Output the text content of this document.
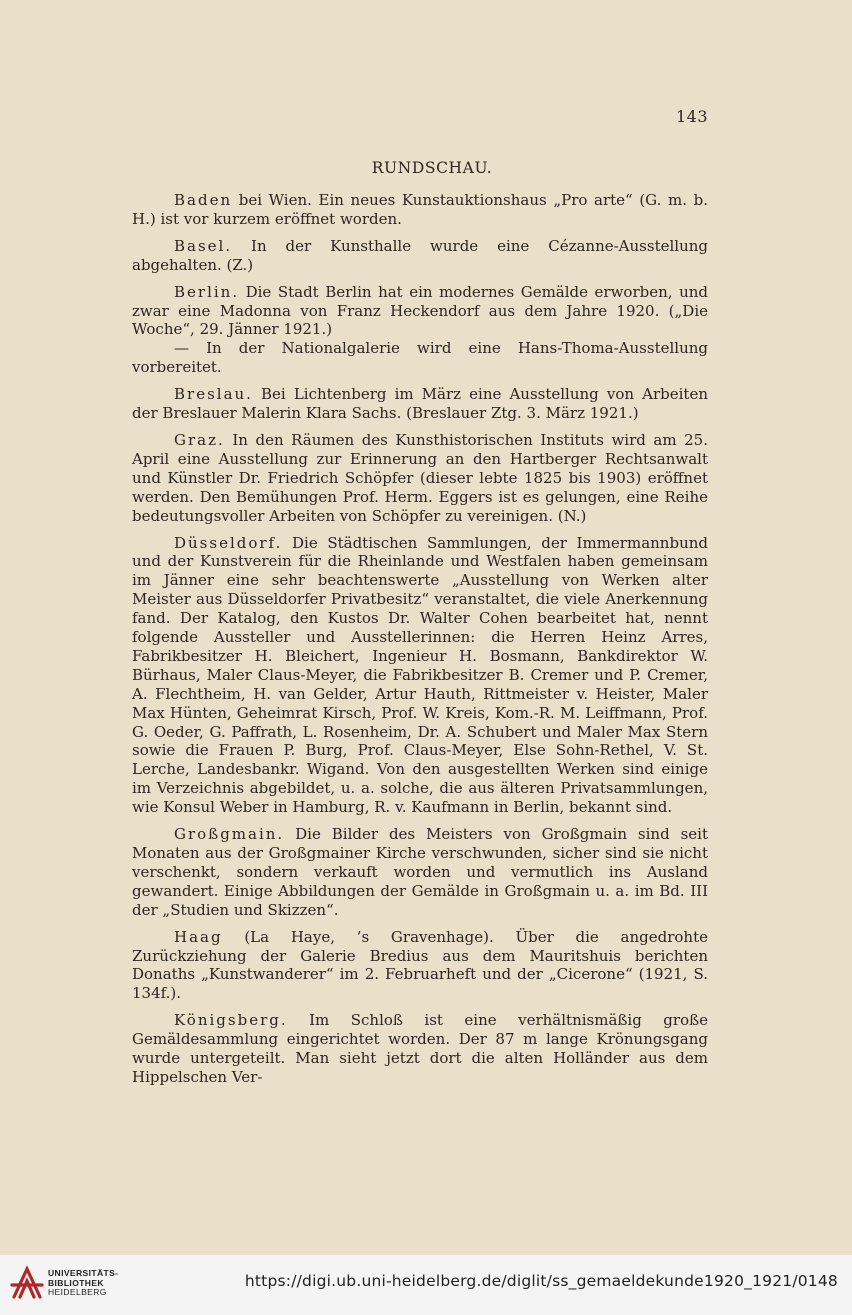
143
RUNDSCHAU.

Baden bei Wien. Ein neues Kunstauktionshaus „Pro arte“ (G. m. b. H.) ist vor kurzem eröffnet worden.

Basel. In der Kunsthalle wurde eine Cézanne-Ausstellung abgehalten. (Z.)

Berlin. Die Stadt Berlin hat ein modernes Gemälde erworben, und zwar eine Madonna von Franz Heckendorf aus dem Jahre 1920. („Die Woche“, 29. Jänner 1921.)

— In der Nationalgalerie wird eine Hans-Thoma-Ausstellung vorbereitet.

Breslau. Bei Lichtenberg im März eine Ausstellung von Arbeiten der Breslauer Malerin Klara Sachs. (Breslauer Ztg. 3. März 1921.)

Graz. In den Räumen des Kunsthistorischen Instituts wird am 25. April eine Ausstellung zur Erinnerung an den Hartberger Rechtsanwalt und Künstler Dr. Friedrich Schöpfer (dieser lebte 1825 bis 1903) eröffnet werden. Den Bemühungen Prof. Herm. Eggers ist es gelungen, eine Reihe bedeutungsvoller Arbeiten von Schöpfer zu vereinigen. (N.)

Düsseldorf. Die Städtischen Sammlungen, der Immermannbund und der Kunstverein für die Rheinlande und Westfalen haben gemeinsam im Jänner eine sehr beachtenswerte „Ausstellung von Werken alter Meister aus Düsseldorfer Privatbesitz“ veranstaltet, die viele Anerkennung fand. Der Katalog, den Kustos Dr. Walter Cohen bearbeitet hat, nennt folgende Aussteller und Ausstellerinnen: die Herren Heinz Arres, Fabrikbesitzer H. Bleichert, Ingenieur H. Bosmann, Bankdirektor W. Bürhaus, Maler Claus-Meyer, die Fabrikbesitzer B. Cremer und P. Cremer, A. Flechtheim, H. van Gelder, Artur Hauth, Rittmeister v. Heister, Maler Max Hünten, Geheimrat Kirsch, Prof. W. Kreis, Kom.-R. M. Leiffmann, Prof. G. Oeder, G. Paffrath, L. Rosenheim, Dr. A. Schubert und Maler Max Stern sowie die Frauen P. Burg, Prof. Claus-Meyer, Else Sohn-Rethel, V. St. Lerche, Landesbankr. Wigand. Von den ausgestellten Werken sind einige im Verzeichnis abgebildet, u. a. solche, die aus älteren Privatsammlungen, wie Konsul Weber in Hamburg, R. v. Kaufmann in Berlin, bekannt sind.

Großgmain. Die Bilder des Meisters von Großgmain sind seit Monaten aus der Großgmainer Kirche verschwunden, sicher sind sie nicht verschenkt, sondern verkauft worden und vermutlich ins Ausland gewandert. Einige Abbildungen der Gemälde in Großgmain u. a. im Bd. III der „Studien und Skizzen“.

Haag (La Haye, ’s Gravenhage). Über die angedrohte Zurückziehung der Galerie Bredius aus dem Mauritshuis berichten Donaths „Kunstwanderer“ im 2. Februarheft und der „Cicerone“ (1921, S. 134f.).

Königsberg. Im Schloß ist eine verhältnismäßig große Gemäldesammlung eingerichtet worden. Der 87 m lange Krönungsgang wurde untergeteilt. Man sieht jetzt dort die alten Holländer aus dem Hippelschen Ver-

UNIVERSITÄTS-
BIBLIOTHEK
HEIDELBERG
https://digi.ub.uni-heidelberg.de/diglit/ss_gemaeldekunde1920_1921/0148
